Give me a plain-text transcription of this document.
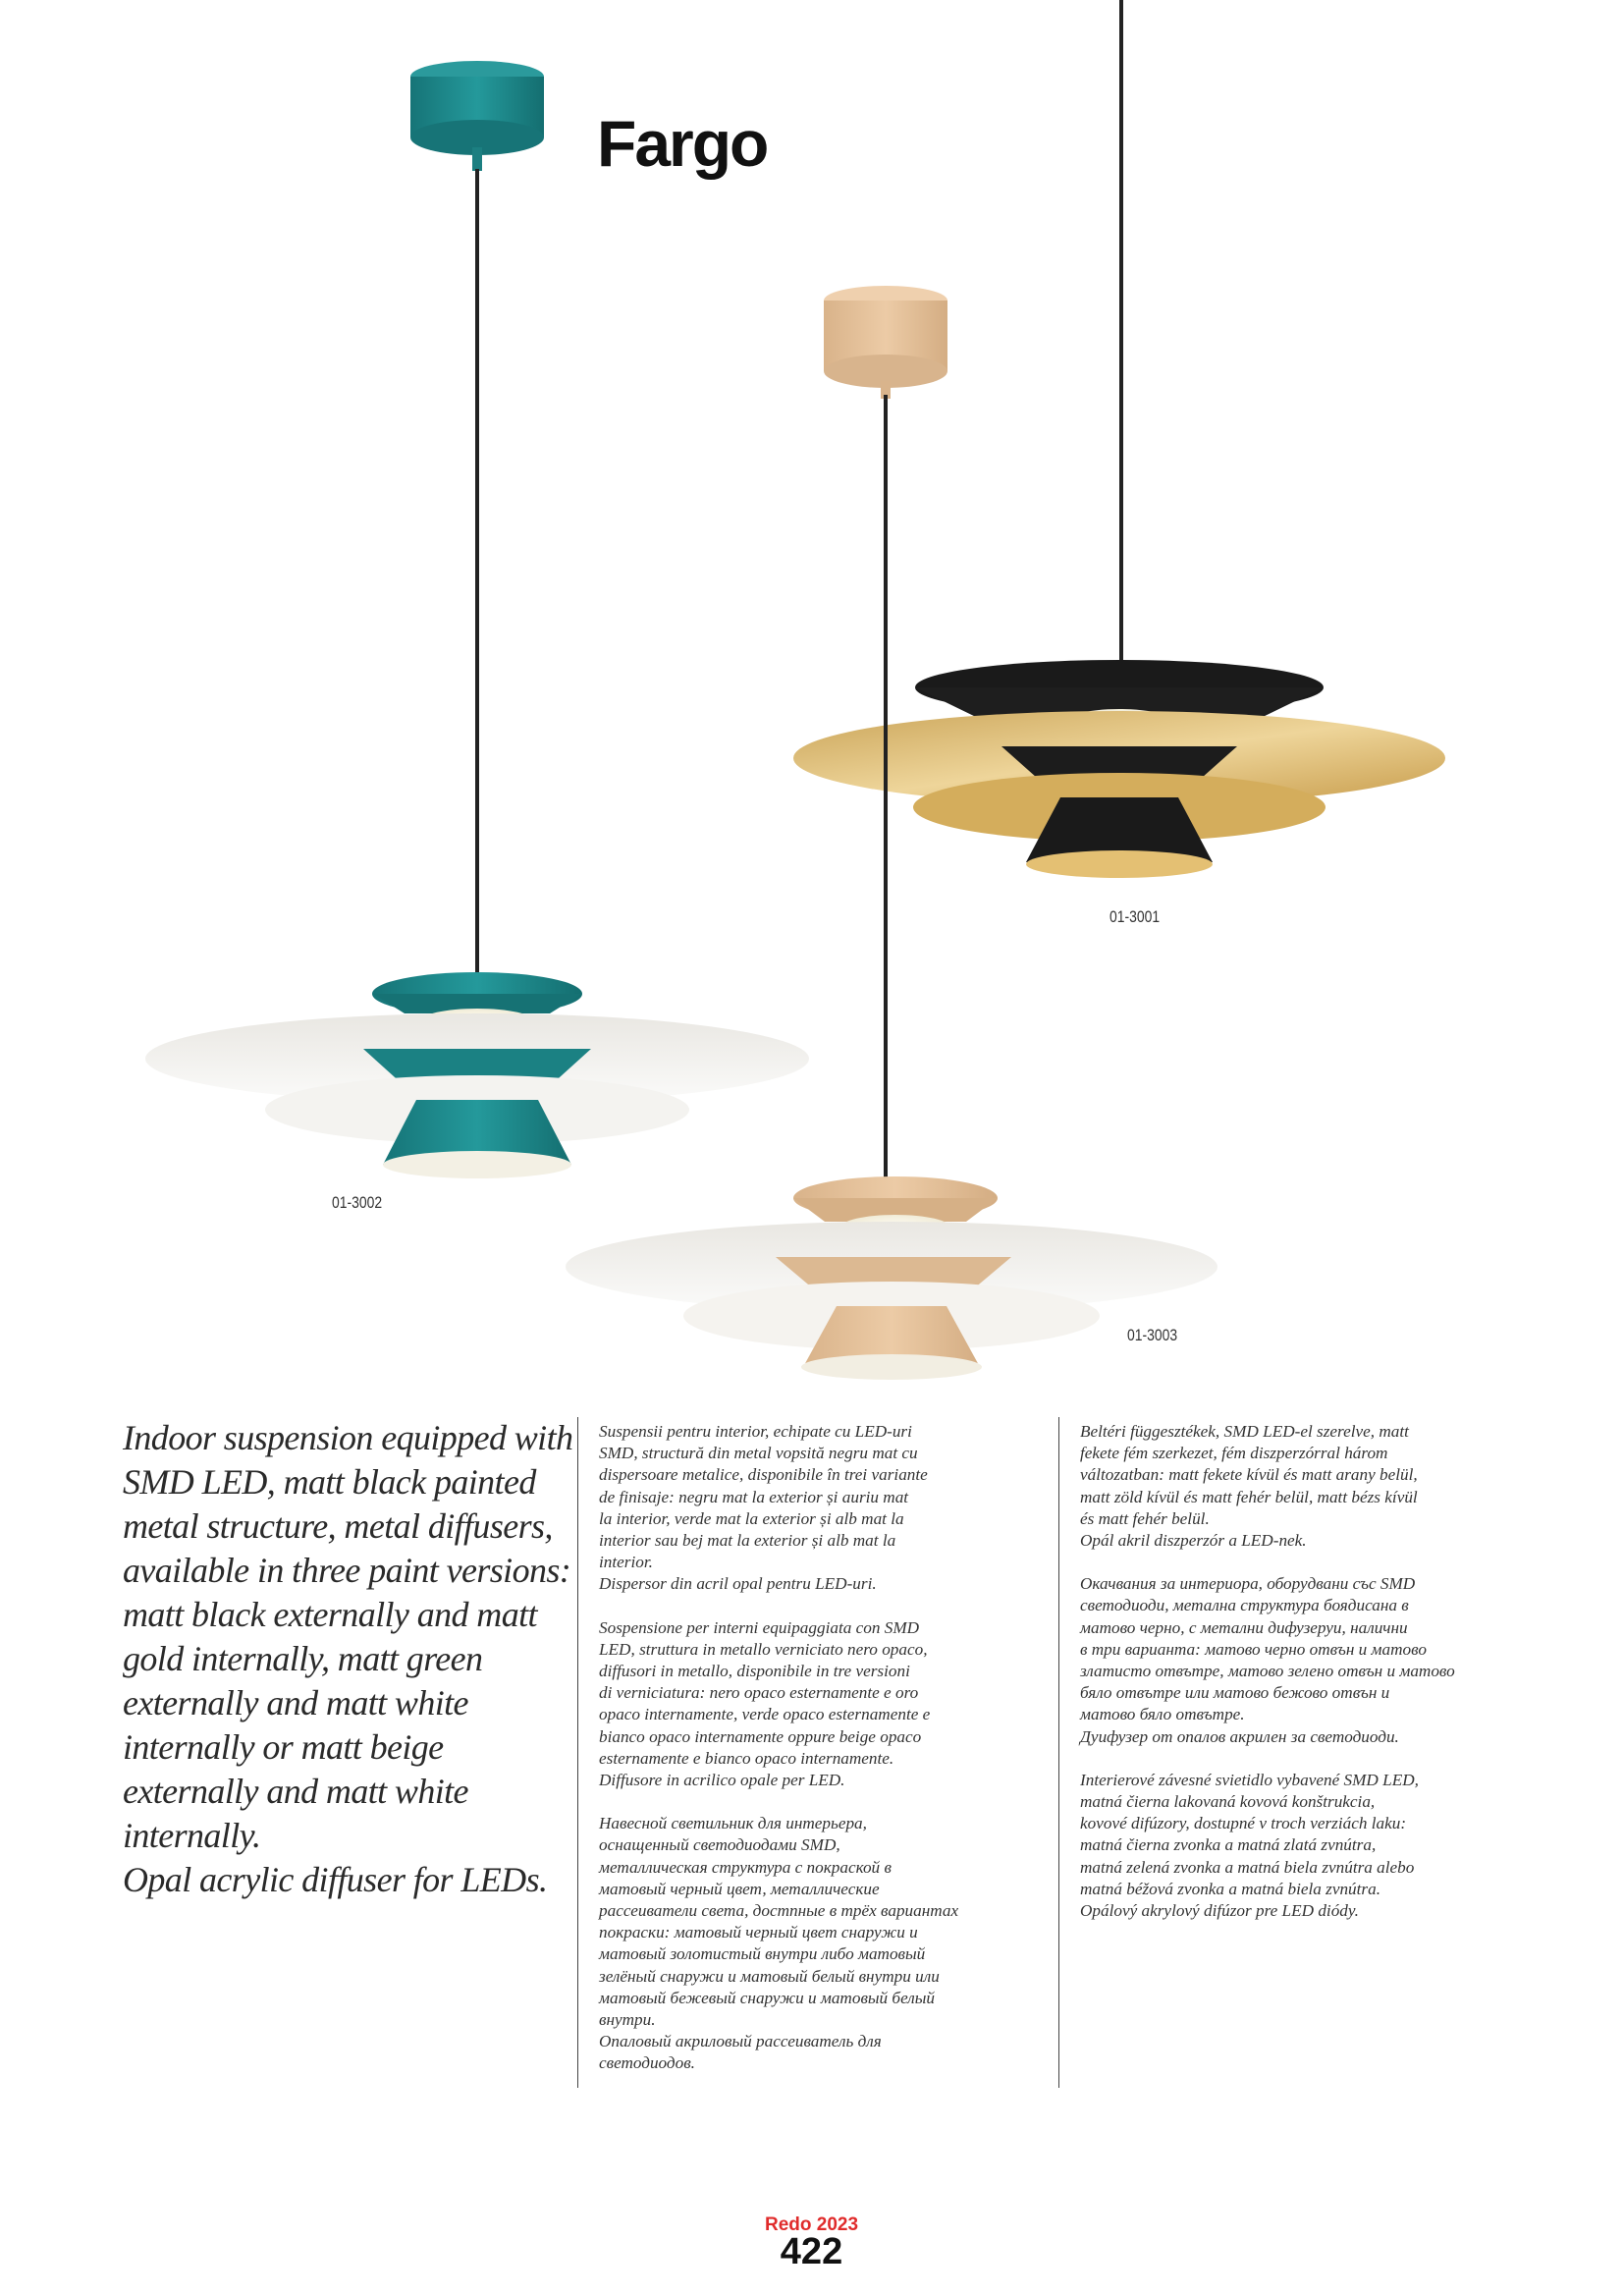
Fargo
01-3001
01-3002
01-3003

Indoor suspension equipped with SMD LED, matt black painted metal structure, metal diffusers, available in three paint versions: matt black externally and matt gold internally, matt green externally and matt white internally or matt beige externally and matt white internally.

Opal acrylic diffuser for LEDs.

Suspensii pentru interior, echipate cu LED-uri
SMD, structură din metal vopsită negru mat cu
dispersoare metalice, disponibile în trei variante
de finisaje: negru mat la exterior și auriu mat
la interior, verde mat la exterior și alb mat la
interior sau bej mat la exterior și alb mat la
interior.
Dispersor din acril opal pentru LED-uri.

Sospensione per interni equipaggiata con SMD
LED, struttura in metallo verniciato nero opaco,
diffusori in metallo, disponibile in tre versioni
di verniciatura: nero opaco esternamente e oro
opaco internamente, verde opaco esternamente e
bianco opaco internamente oppure beige opaco
esternamente e bianco opaco internamente.
Diffusore in acrilico opale per LED.

Навесной светильник для интерьера,
оснащенный светодиодами SMD,
металлическая структура с покраской в
матовый черный цвет, металлические
рассеиватели света, достпные в трёх вариантах
покраски: матовый черный цвет снаружи и
матовый золотистый внутри либо матовый
зелёный снаружи и матовый белый внутри или
матовый бежевый снаружи и матовый белый
внутри.
Опаловый акриловый рассеиватель для
светодиодов.

Beltéri függesztékek, SMD LED-el szerelve, matt
fekete fém szerkezet, fém diszperzórral három
változatban: matt fekete kívül és matt arany belül,
matt zöld kívül és matt fehér belül, matt bézs kívül
és matt fehér belül.
Opál akril diszperzór a LED-nek.

Окачвания за интериора, оборудвани със SMD
светодиоди, метална структура боядисана в
матово черно, с метални дифузеруи, налични
в три варианта: матово черно отвън и матово
златисто отвътре, матово зелено отвън и матово
бяло отвътре или матово бежово отвън и
матово бяло отвътре.
Дуифузер от опалов акрилен за светодиоди.

Interierové závesné svietidlo vybavené SMD LED,
matná čierna lakovaná kovová konštrukcia,
kovové difúzory, dostupné v troch verziách laku:
matná čierna zvonka a matná zlatá zvnútra,
matná zelená zvonka a matná biela zvnútra alebo
matná béžová zvonka a matná biela zvnútra.
Opálový akrylový difúzor pre LED diódy.

Redo 2023
422
